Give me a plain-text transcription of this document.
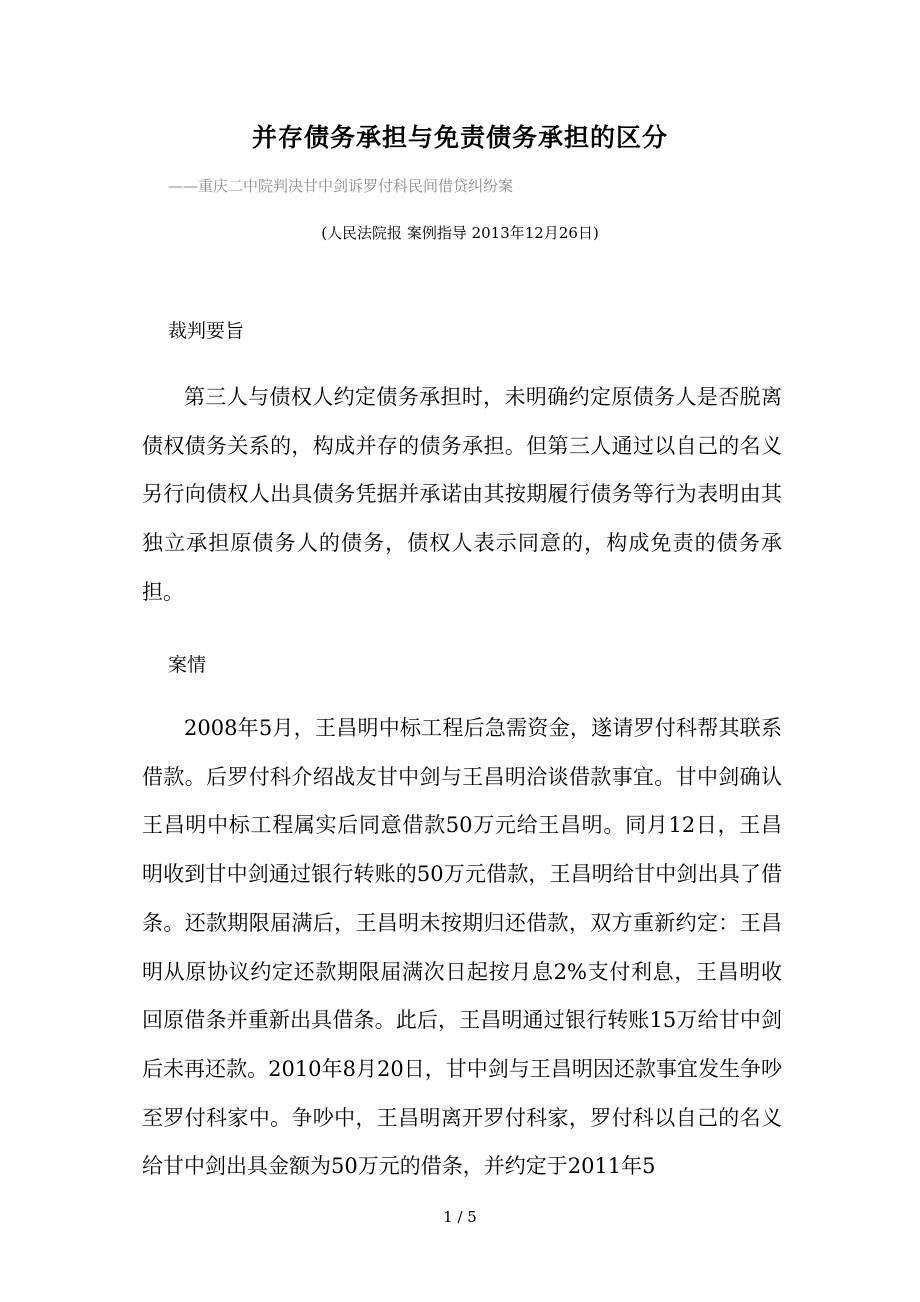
并存债务承担与免责债务承担的区分
——重庆二中院判决甘中剑诉罗付科民间借贷纠纷案
(人民法院报 案例指导 2013年12月26日)
裁判要旨

第三人与债权人约定债务承担时，未明确约定原债务人是否脱离债权债务关系的，构成并存的债务承担。但第三人通过以自己的名义另行向债权人出具债务凭据并承诺由其按期履行债务等行为表明由其独立承担原债务人的债务，债权人表示同意的，构成免责的债务承担。

案情

2008年5月，王昌明中标工程后急需资金，遂请罗付科帮其联系借款。后罗付科介绍战友甘中剑与王昌明洽谈借款事宜。甘中剑确认王昌明中标工程属实后同意借款50万元给王昌明。同月12日，王昌明收到甘中剑通过银行转账的50万元借款，王昌明给甘中剑出具了借条。还款期限届满后，王昌明未按期归还借款，双方重新约定：王昌明从原协议约定还款期限届满次日起按月息2%支付利息，王昌明收回原借条并重新出具借条。此后，王昌明通过银行转账15万给甘中剑后未再还款。2010年8月20日，甘中剑与王昌明因还款事宜发生争吵至罗付科家中。争吵中，王昌明离开罗付科家，罗付科以自己的名义给甘中剑出具金额为50万元的借条，并约定于2011年5

1 / 5
